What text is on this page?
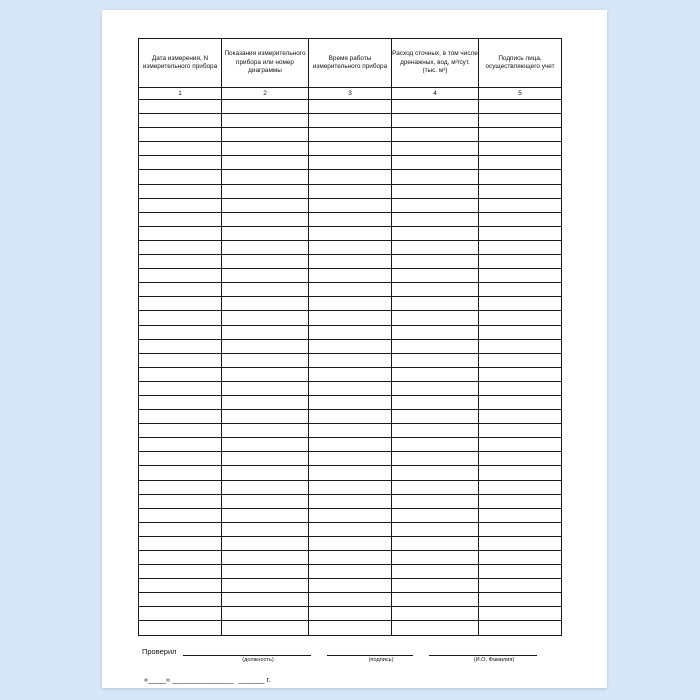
Дата измерения, N измерительного прибора	Показания измерительного прибора или номер диаграммы	Время работы измерительного прибора	Расход сточных, в том числе дренажных, вод, м³/сут. (тыс. м³)	Подпись лица, осуществляющего учет
1	2	3	4	5

Проверил
(должность)	(подпись)	(И.О. Фамилия)
«____» ______________  ______ г.
